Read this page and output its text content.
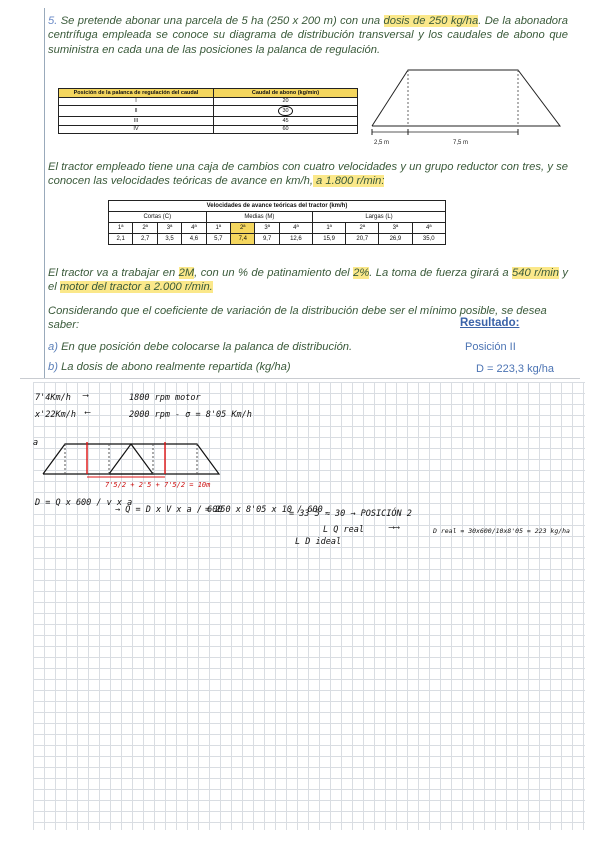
5. Se pretende abonar una parcela de 5 ha (250 x 200 m) con una dosis de 250 kg/ha. De la abonadora centrífuga empleada se conoce su diagrama de distribución transversal y los caudales de abono que suministra en cada una de las posiciones la palanca de regulación.
Posición de la palanca de regulación del caudal	Caudal de abono (kg/min)
I	20
II	30
III	45
IV	60
2,5 m	7,5 m
El tractor empleado tiene una caja de cambios con cuatro velocidades y un grupo reductor con tres, y se conocen las velocidades teóricas de avance en km/h, a 1.800 r/min:
Velocidades de avance teóricas del tractor (km/h)											
Cortas (C)				Medias (M)				Largas (L)			
1ª	2ª	3ª	4ª	1ª	2ª	3ª	4ª	1ª	2ª	3ª	4ª
2,1	2,7	3,5	4,6	5,7	7,4	9,7	12,6	15,9	20,7	26,9	35,0
El tractor va a trabajar en 2M, con un % de patinamiento del 2%. La toma de fuerza girará a 540 r/min y el motor del tractor a 2.000 r/min.
Considerando que el coeficiente de variación de la distribución debe ser el mínimo posible, se desea saber:	Resultado:
a) En que posición debe colocarse la palanca de distribución.	Posición II
b) La dosis de abono realmente repartida (kg/ha)	D = 223,3 kg/ha
7'4Km/h ⟶	1800 rpm motor
x'22Km/h ⟵	2000 rpm - σ = 8'05 Km/h
a
7'5/2 + 2'5 + 7'5/2 = 10m
D = Q x 600 / v x a
→ Q = D x V x a / 600
= 250 x 8'05 x 10 / 600
= 33'5 ≈ 30 → POSICIÓN 2
L Q real	⟶⟶	D real = 30x600/10x8'05 = 223 kg/ha
L D ideal
